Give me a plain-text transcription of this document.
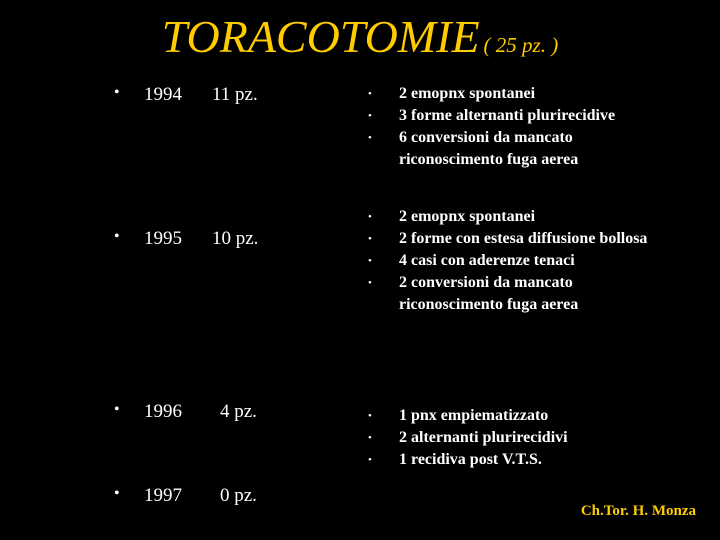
TORACOTOMIE ( 25 pz. )
• 1994 11 pz.
• 1995 10 pz.
• 1996 4 pz.
• 1997 0 pz.
• 2 emopnx spontanei
• 3 forme alternanti plurirecidive
• 6 conversioni da mancato riconoscimento fuga aerea
• 2 emopnx spontanei
• 2 forme con estesa diffusione bollosa
• 4 casi con aderenze tenaci
• 2 conversioni da mancato riconoscimento fuga aerea
• 1 pnx empiematizzato
• 2 alternanti plurirecidivi
• 1 recidiva post V.T.S.
Ch.Tor. H. Monza
